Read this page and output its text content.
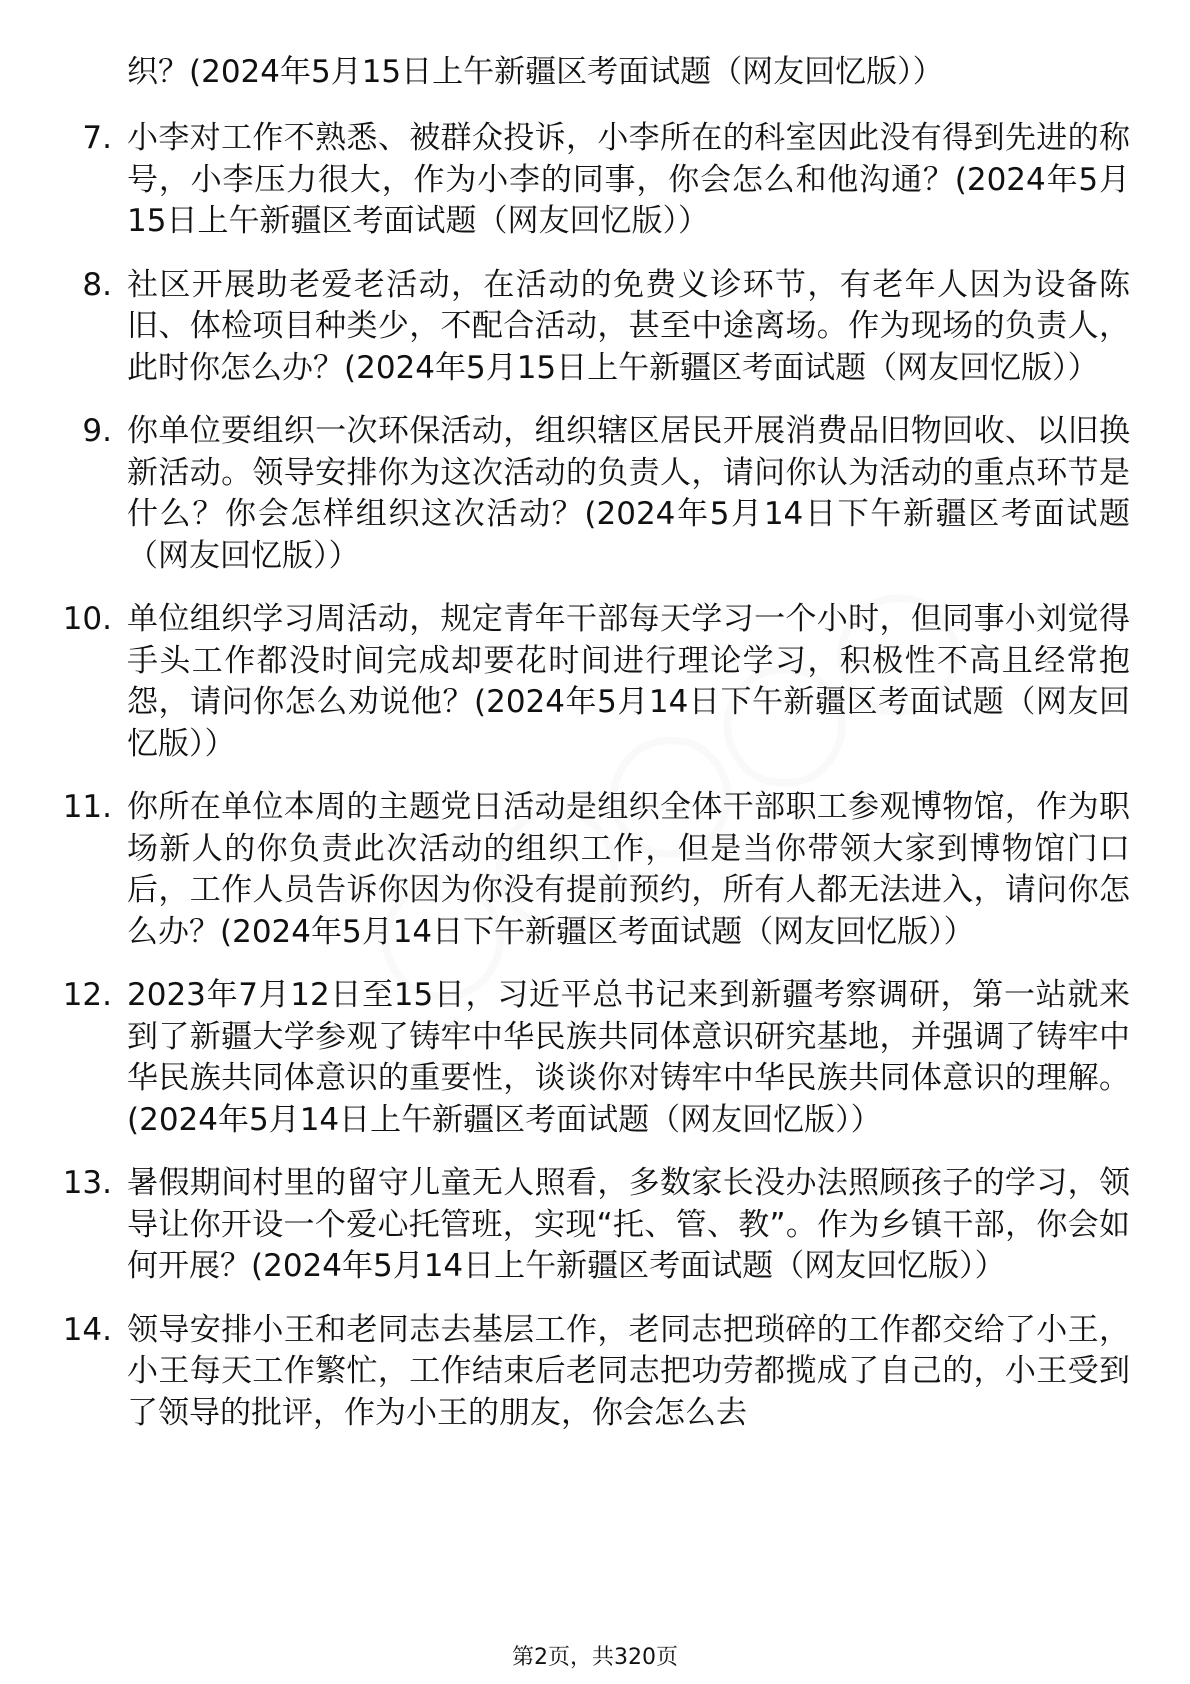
织？(2024年5月15日上午新疆区考面试题（网友回忆版））

7. 小李对工作不熟悉、被群众投诉，小李所在的科室因此没有得到先进的称号，小李压力很大，作为小李的同事，你会怎么和他沟通？(2024年5月15日上午新疆区考面试题（网友回忆版））
8. 社区开展助老爱老活动，在活动的免费义诊环节，有老年人因为设备陈旧、体检项目种类少，不配合活动，甚至中途离场。作为现场的负责人，此时你怎么办？(2024年5月15日上午新疆区考面试题（网友回忆版））
9. 你单位要组织一次环保活动，组织辖区居民开展消费品旧物回收、以旧换新活动。领导安排你为这次活动的负责人，请问你认为活动的重点环节是什么？你会怎样组织这次活动？(2024年5月14日下午新疆区考面试题（网友回忆版））
10. 单位组织学习周活动，规定青年干部每天学习一个小时，但同事小刘觉得手头工作都没时间完成却要花时间进行理论学习，积极性不高且经常抱怨，请问你怎么劝说他？(2024年5月14日下午新疆区考面试题（网友回忆版））
11. 你所在单位本周的主题党日活动是组织全体干部职工参观博物馆，作为职场新人的你负责此次活动的组织工作，但是当你带领大家到博物馆门口后，工作人员告诉你因为你没有提前预约，所有人都无法进入，请问你怎么办？(2024年5月14日下午新疆区考面试题（网友回忆版））
12. 2023年7月12日至15日，习近平总书记来到新疆考察调研，第一站就来到了新疆大学参观了铸牢中华民族共同体意识研究基地，并强调了铸牢中华民族共同体意识的重要性，谈谈你对铸牢中华民族共同体意识的理解。(2024年5月14日上午新疆区考面试题（网友回忆版））
13. 暑假期间村里的留守儿童无人照看，多数家长没办法照顾孩子的学习，领导让你开设一个爱心托管班，实现“托、管、教”。作为乡镇干部，你会如何开展？(2024年5月14日上午新疆区考面试题（网友回忆版））
14. 领导安排小王和老同志去基层工作，老同志把琐碎的工作都交给了小王，小王每天工作繁忙，工作结束后老同志把功劳都揽成了自己的，小王受到了领导的批评，作为小王的朋友，你会怎么去
第2页，共320页
